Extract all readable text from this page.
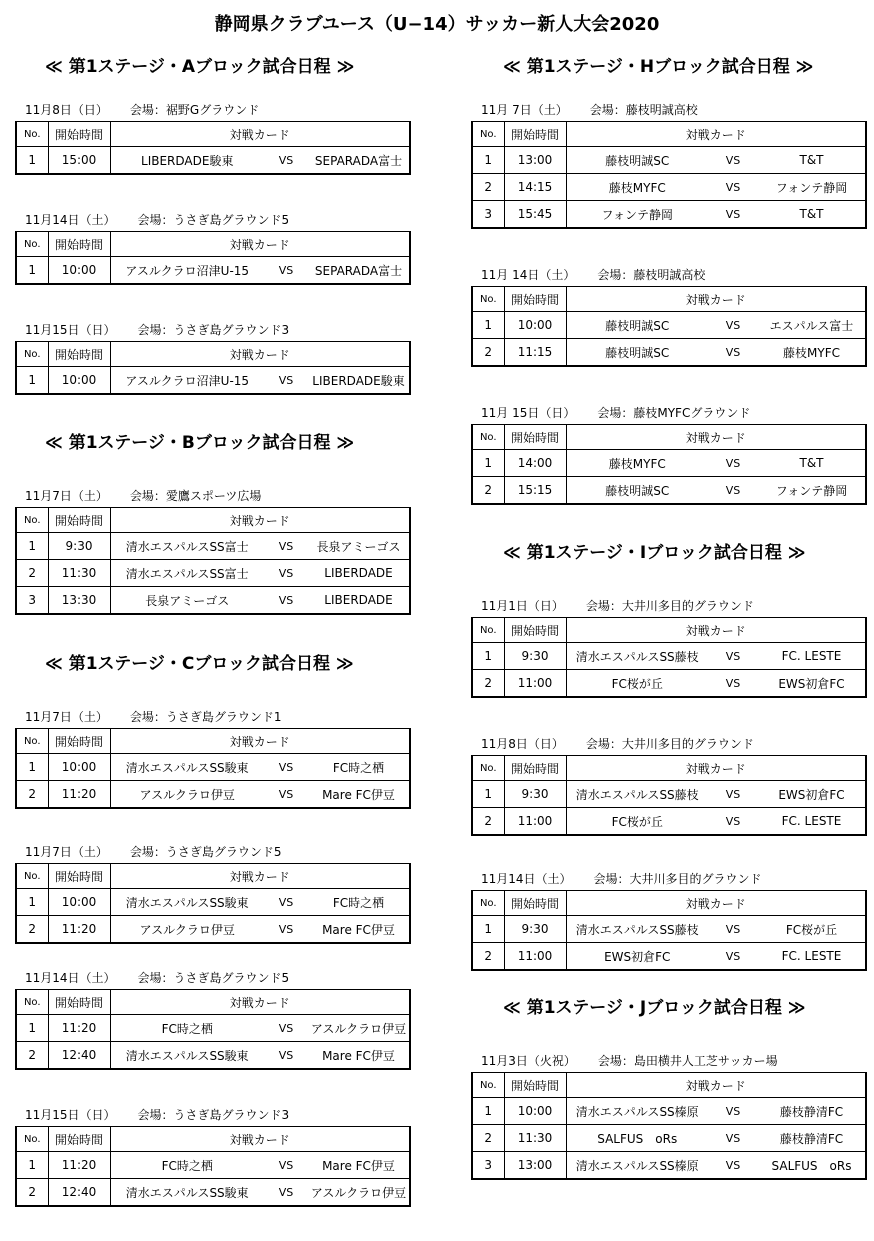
静岡県クラブユース（U−14）サッカー新人大会2020
≪ 第1ステージ・Aブロック試合日程 ≫
11月8日（日） 会場：裾野Gグラウンド
No.	開始時間	対戦カード		
1	15:00	LIBERDADE駿東	VS	SEPARADA富士
11月14日（土） 会場：うさぎ島グラウンド5
No.	開始時間	対戦カード		
1	10:00	アスルクラロ沼津U-15	VS	SEPARADA富士
11月15日（日） 会場：うさぎ島グラウンド3
No.	開始時間	対戦カード		
1	10:00	アスルクラロ沼津U-15	VS	LIBERDADE駿東
≪ 第1ステージ・Bブロック試合日程 ≫
11月7日（土） 会場：愛鷹スポーツ広場
No.	開始時間	対戦カード		
1	9:30	清水エスパルスSS富士	VS	長泉アミーゴス
2	11:30	清水エスパルスSS富士	VS	LIBERDADE
3	13:30	長泉アミーゴス	VS	LIBERDADE
≪ 第1ステージ・Cブロック試合日程 ≫
11月7日（土） 会場：うさぎ島グラウンド1
No.	開始時間	対戦カード		
1	10:00	清水エスパルスSS駿東	VS	FC時之栖
2	11:20	アスルクラロ伊豆	VS	Mare FC伊豆
11月7日（土） 会場：うさぎ島グラウンド5
No.	開始時間	対戦カード		
1	10:00	清水エスパルスSS駿東	VS	FC時之栖
2	11:20	アスルクラロ伊豆	VS	Mare FC伊豆
11月14日（土） 会場：うさぎ島グラウンド5
No.	開始時間	対戦カード		
1	11:20	FC時之栖	VS	アスルクラロ伊豆
2	12:40	清水エスパルスSS駿東	VS	Mare FC伊豆
11月15日（日） 会場：うさぎ島グラウンド3
No.	開始時間	対戦カード		
1	11:20	FC時之栖	VS	Mare FC伊豆
2	12:40	清水エスパルスSS駿東	VS	アスルクラロ伊豆
≪ 第1ステージ・Hブロック試合日程 ≫
11月 7日（土） 会場：藤枝明誠高校
No.	開始時間	対戦カード		
1	13:00	藤枝明誠SC	VS	T&T
2	14:15	藤枝MYFC	VS	フォンテ静岡
3	15:45	フォンテ静岡	VS	T&T
11月 14日（土） 会場：藤枝明誠高校
No.	開始時間	対戦カード		
1	10:00	藤枝明誠SC	VS	エスパルス富士
2	11:15	藤枝明誠SC	VS	藤枝MYFC
11月 15日（日） 会場：藤枝MYFCグラウンド
No.	開始時間	対戦カード		
1	14:00	藤枝MYFC	VS	T&T
2	15:15	藤枝明誠SC	VS	フォンテ静岡
≪ 第1ステージ・Iブロック試合日程 ≫
11月1日（日） 会場：大井川多目的グラウンド
No.	開始時間	対戦カード		
1	9:30	清水エスパルスSS藤枝	VS	FC. LESTE
2	11:00	FC桜が丘	VS	EWS初倉FC
11月8日（日） 会場：大井川多目的グラウンド
No.	開始時間	対戦カード		
1	9:30	清水エスパルスSS藤枝	VS	EWS初倉FC
2	11:00	FC桜が丘	VS	FC. LESTE
11月14日（土） 会場：大井川多目的グラウンド
No.	開始時間	対戦カード		
1	9:30	清水エスパルスSS藤枝	VS	FC桜が丘
2	11:00	EWS初倉FC	VS	FC. LESTE
≪ 第1ステージ・Jブロック試合日程 ≫
11月3日（火祝） 会場：島田横井人工芝サッカー場
No.	開始時間	対戦カード		
1	10:00	清水エスパルスSS榛原	VS	藤枝静清FC
2	11:30	SALFUS　oRs	VS	藤枝静清FC
3	13:00	清水エスパルスSS榛原	VS	SALFUS　oRs
